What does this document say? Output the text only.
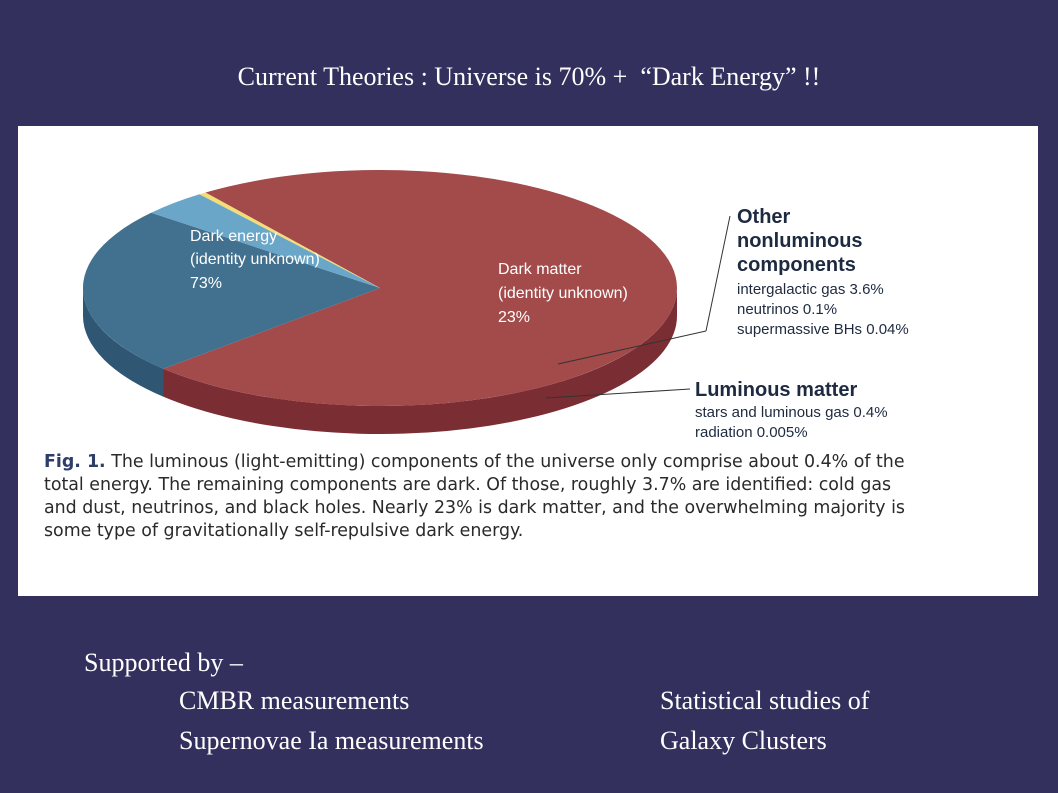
Current Theories : Universe is 70% +  “Dark Energy” !!
Dark energy (identity unknown) 73%
Dark matter (identity unknown) 23%
Other nonluminous components
intergalactic gas 3.6% neutrinos 0.1% supermassive BHs 0.04%
Luminous matter
stars and luminous gas 0.4% radiation 0.005%

Fig. 1. The luminous (light-emitting) components of the universe only comprise about 0.4% of the
total energy. The remaining components are dark. Of those, roughly 3.7% are identified: cold gas
and dust, neutrinos, and black holes. Nearly 23% is dark matter, and the overwhelming majority is
some type of gravitationally self-repulsive dark energy.

Supported by –

CMBR measurements

Supernovae Ia measurements

Statistical studies of

Galaxy Clusters
